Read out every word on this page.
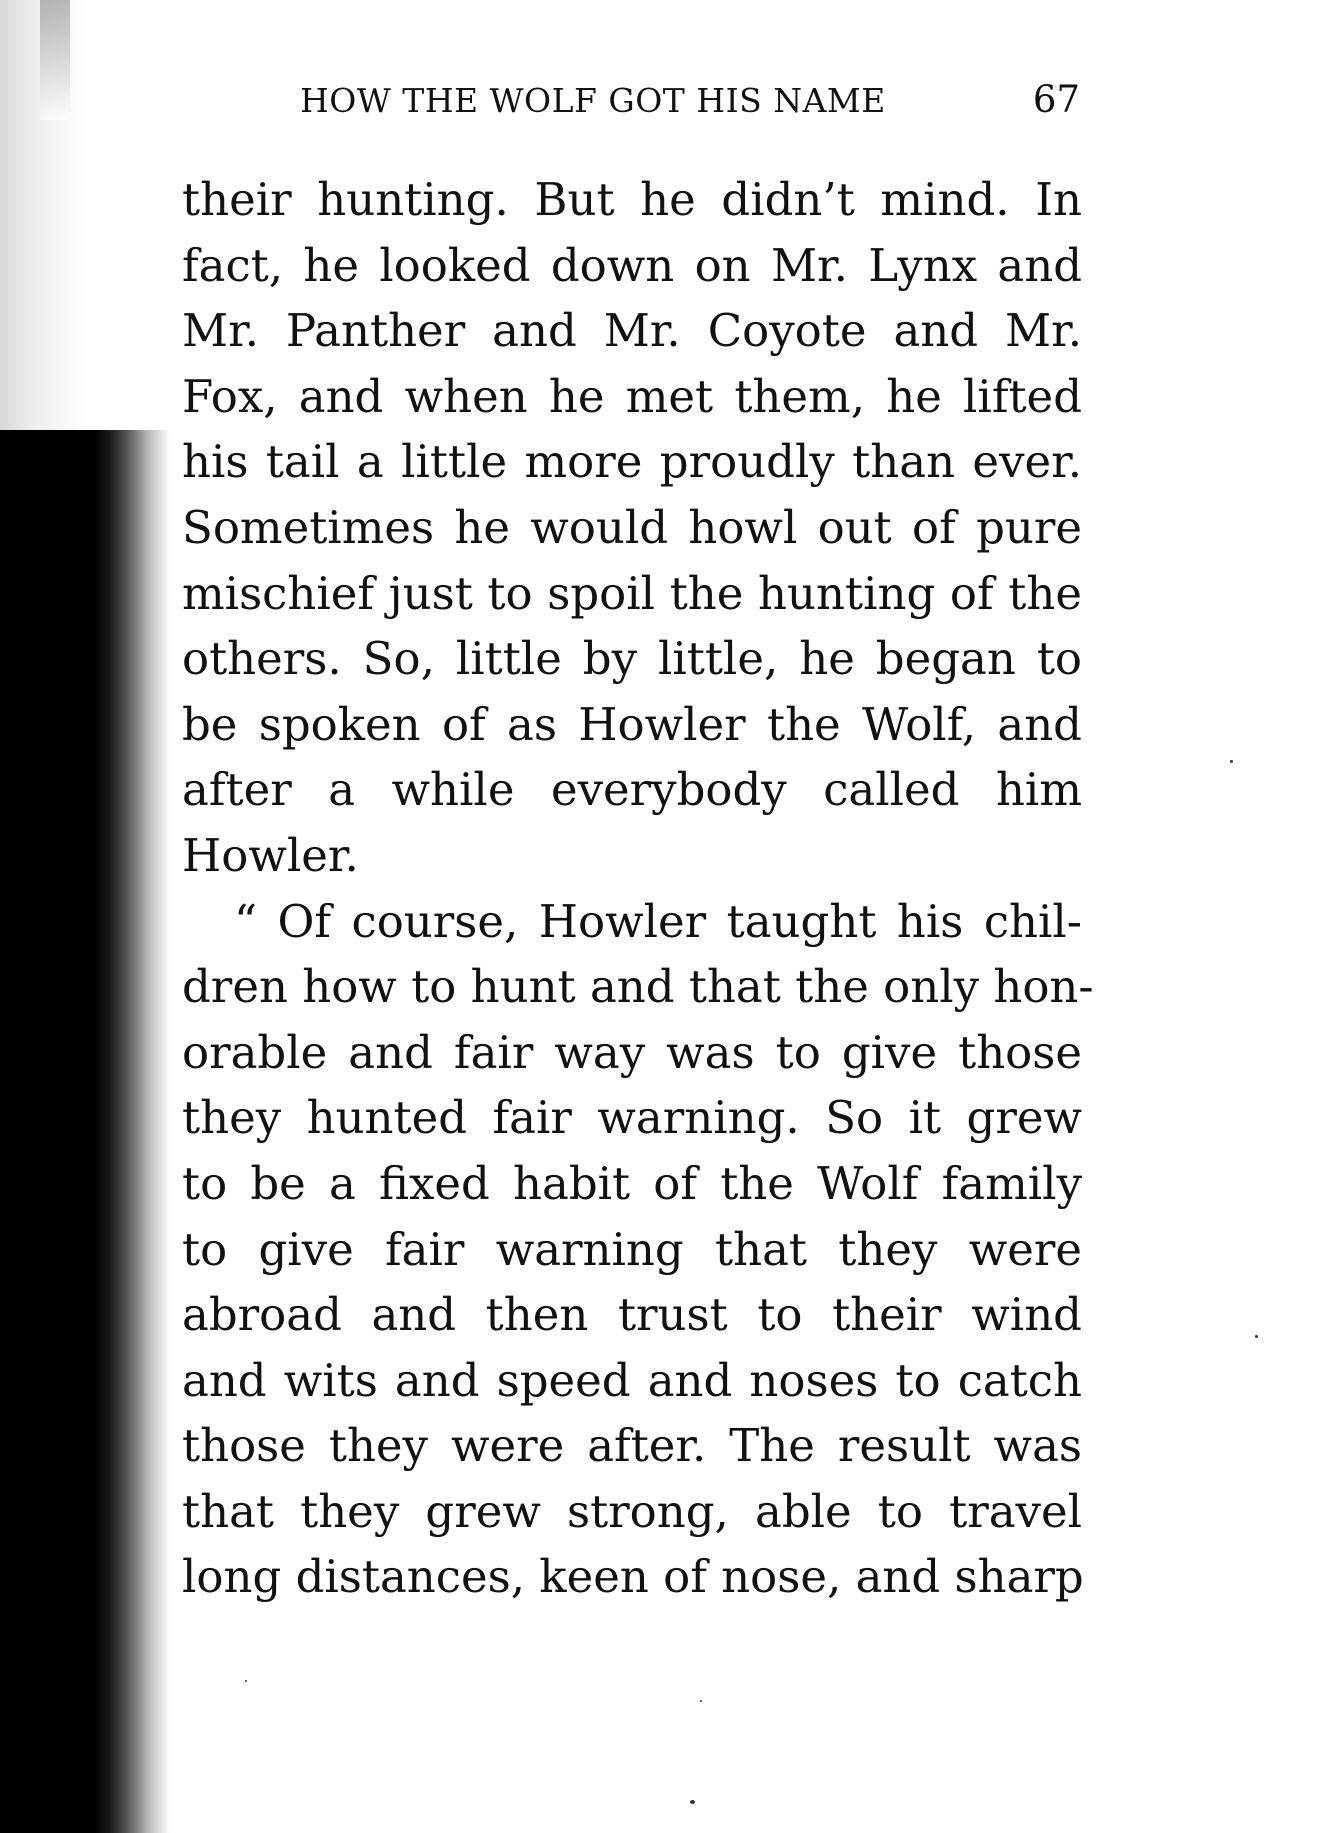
HOW THE WOLF GOT HIS NAME	67
their hunting. But he didn’t mind. In
fact, he looked down on Mr. Lynx and
Mr. Panther and Mr. Coyote and Mr.
Fox, and when he met them, he lifted
his tail a little more proudly than ever.
Sometimes he would howl out of pure
mischief just to spoil the hunting of the
others. So, little by little, he began to
be spoken of as Howler the Wolf, and
after a while everybody called him
Howler.
“ Of course, Howler taught his chil-
dren how to hunt and that the only hon-
orable and fair way was to give those
they hunted fair warning. So it grew
to be a fixed habit of the Wolf family
to give fair warning that they were
abroad and then trust to their wind
and wits and speed and noses to catch
those they were after. The result was
that they grew strong, able to travel
long distances, keen of nose, and sharp
